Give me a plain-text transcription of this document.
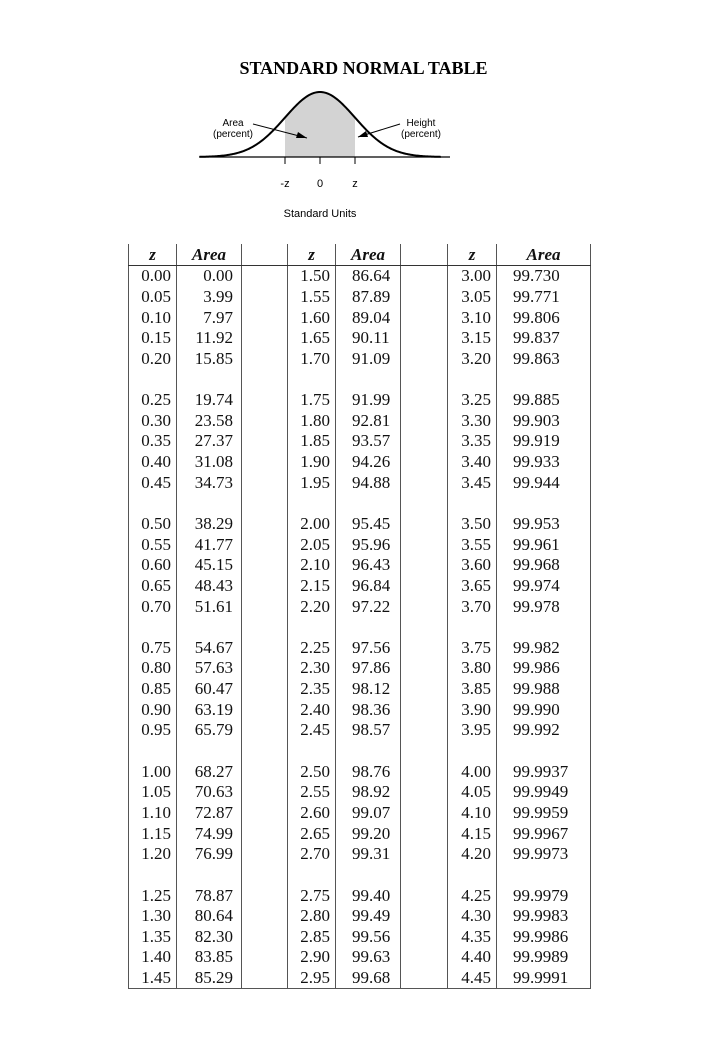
STANDARD NORMAL TABLE
Area
(percent)
Height
(percent)
-z 0	z
Standard Units
z	Area		z	Area		z	Area
0.00	0.00		1.50	86.64		3.00	99.730
0.05	3.99		1.55	87.89		3.05	99.771
0.10	7.97		1.60	89.04		3.10	99.806
0.15	11.92		1.65	90.11		3.15	99.837
0.20	15.85		1.70	91.09		3.20	99.863

0.25	19.74		1.75	91.99		3.25	99.885
0.30	23.58		1.80	92.81		3.30	99.903
0.35	27.37		1.85	93.57		3.35	99.919
0.40	31.08		1.90	94.26		3.40	99.933
0.45	34.73		1.95	94.88		3.45	99.944

0.50	38.29		2.00	95.45		3.50	99.953
0.55	41.77		2.05	95.96		3.55	99.961
0.60	45.15		2.10	96.43		3.60	99.968
0.65	48.43		2.15	96.84		3.65	99.974
0.70	51.61		2.20	97.22		3.70	99.978

0.75	54.67		2.25	97.56		3.75	99.982
0.80	57.63		2.30	97.86		3.80	99.986
0.85	60.47		2.35	98.12		3.85	99.988
0.90	63.19		2.40	98.36		3.90	99.990
0.95	65.79		2.45	98.57		3.95	99.992

1.00	68.27		2.50	98.76		4.00	99.9937
1.05	70.63		2.55	98.92		4.05	99.9949
1.10	72.87		2.60	99.07		4.10	99.9959
1.15	74.99		2.65	99.20		4.15	99.9967
1.20	76.99		2.70	99.31		4.20	99.9973

1.25	78.87		2.75	99.40		4.25	99.9979
1.30	80.64		2.80	99.49		4.30	99.9983
1.35	82.30		2.85	99.56		4.35	99.9986
1.40	83.85		2.90	99.63		4.40	99.9989
1.45	85.29		2.95	99.68		4.45	99.9991
